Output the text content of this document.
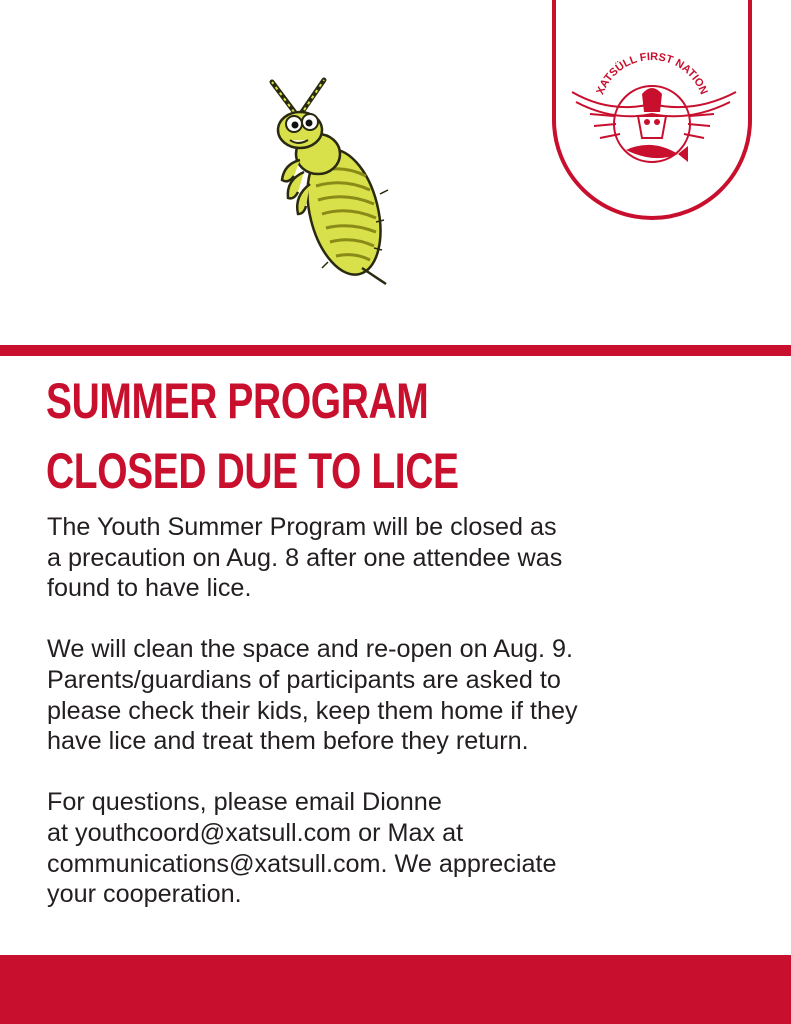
XATSÜLL FIRST NATION
SUMMER PROGRAM
CLOSED DUE TO LICE

The Youth Summer Program will be closed as
a precaution on Aug. 8 after one attendee was
found to have lice.

We will clean the space and re-open on Aug. 9.
Parents/guardians of participants are asked to
please check their kids, keep them home if they
have lice and treat them before they return.

For questions, please email Dionne
at youthcoord@xatsull.com or Max at
communications@xatsull.com. We appreciate
your cooperation.
